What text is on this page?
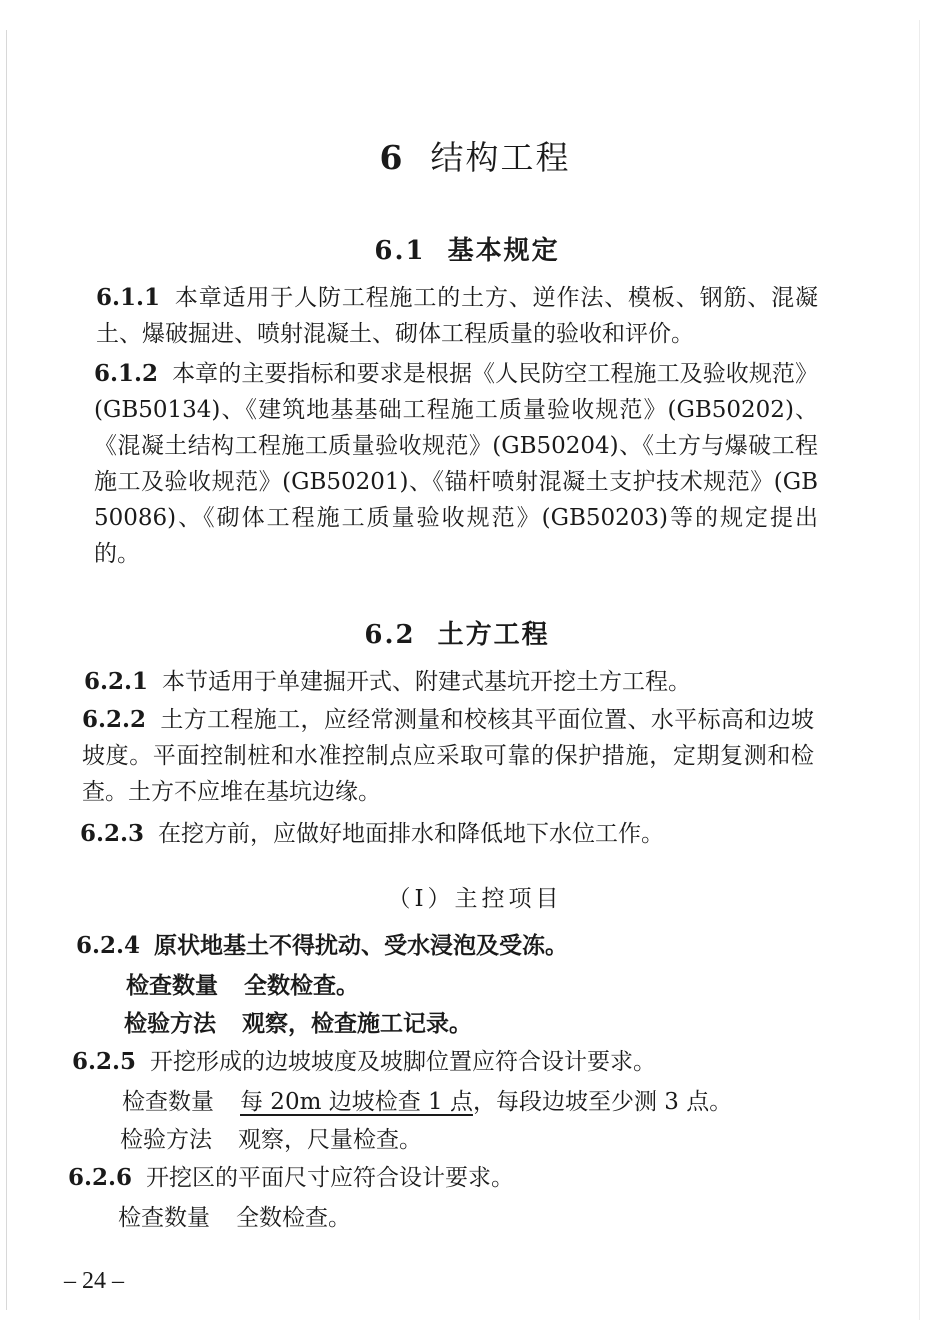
6 结构工程
6.1 基本规定
6.1.1 本章适用于人防工程施工的土方、逆作法、模板、钢筋、混凝土、爆破掘进、喷射混凝土、砌体工程质量的验收和评价。
6.1.2 本章的主要指标和要求是根据《人民防空工程施工及验收规范》(GB50134)、《建筑地基基础工程施工质量验收规范》(GB50202)、《混凝土结构工程施工质量验收规范》(GB50204)、《土方与爆破工程施工及验收规范》(GB50201)、《锚杆喷射混凝土支护技术规范》(GB50086)、《砌体工程施工质量验收规范》(GB50203)等的规定提出的。
6.2 土方工程
6.2.1 本节适用于单建掘开式、附建式基坑开挖土方工程。
6.2.2 土方工程施工，应经常测量和校核其平面位置、水平标高和边坡坡度。平面控制桩和水准控制点应采取可靠的保护措施，定期复测和检查。土方不应堆在基坑边缘。
6.2.3 在挖方前，应做好地面排水和降低地下水位工作。
（Ⅰ）主控项目
6.2.4 原状地基土不得扰动、受水浸泡及受冻。
检查数量 全数检查。
检验方法 观察，检查施工记录。
6.2.5 开挖形成的边坡坡度及坡脚位置应符合设计要求。
检查数量 每 20m 边坡检查 1 点，每段边坡至少测 3 点。
检验方法 观察，尺量检查。
6.2.6 开挖区的平面尺寸应符合设计要求。
检查数量 全数检查。
– 24 –
